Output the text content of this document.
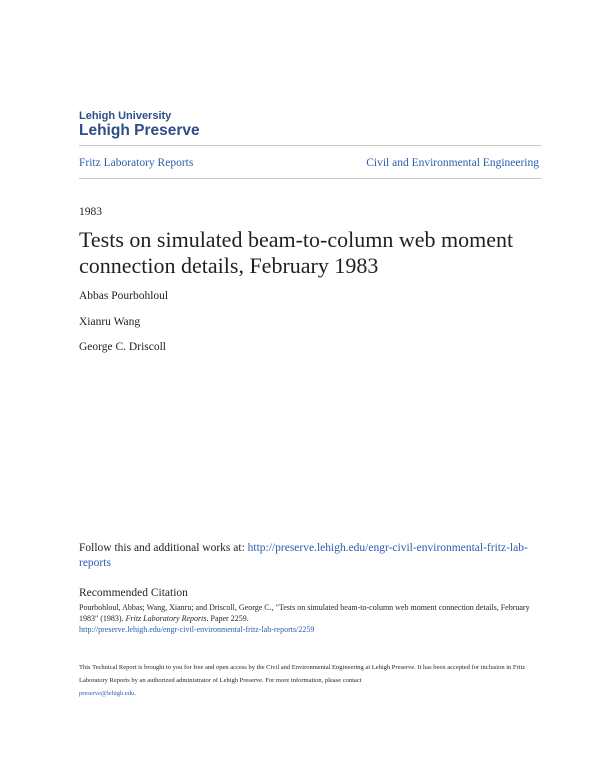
Lehigh University
Lehigh Preserve
Fritz Laboratory Reports	Civil and Environmental Engineering
1983
Tests on simulated beam-to-column web moment connection details, February 1983
Abbas Pourbohloul
Xianru Wang
George C. Driscoll
Follow this and additional works at: http://preserve.lehigh.edu/engr-civil-environmental-fritz-lab-reports
Recommended Citation
Pourbohloul, Abbas; Wang, Xianru; and Driscoll, George C., "Tests on simulated beam-to-column web moment connection details, February 1983" (1983). Fritz Laboratory Reports. Paper 2259.
http://preserve.lehigh.edu/engr-civil-environmental-fritz-lab-reports/2259
This Technical Report is brought to you for free and open access by the Civil and Environmental Engineering at Lehigh Preserve. It has been accepted for inclusion in Fritz Laboratory Reports by an authorized administrator of Lehigh Preserve. For more information, please contact
preserve@lehigh.edu.
